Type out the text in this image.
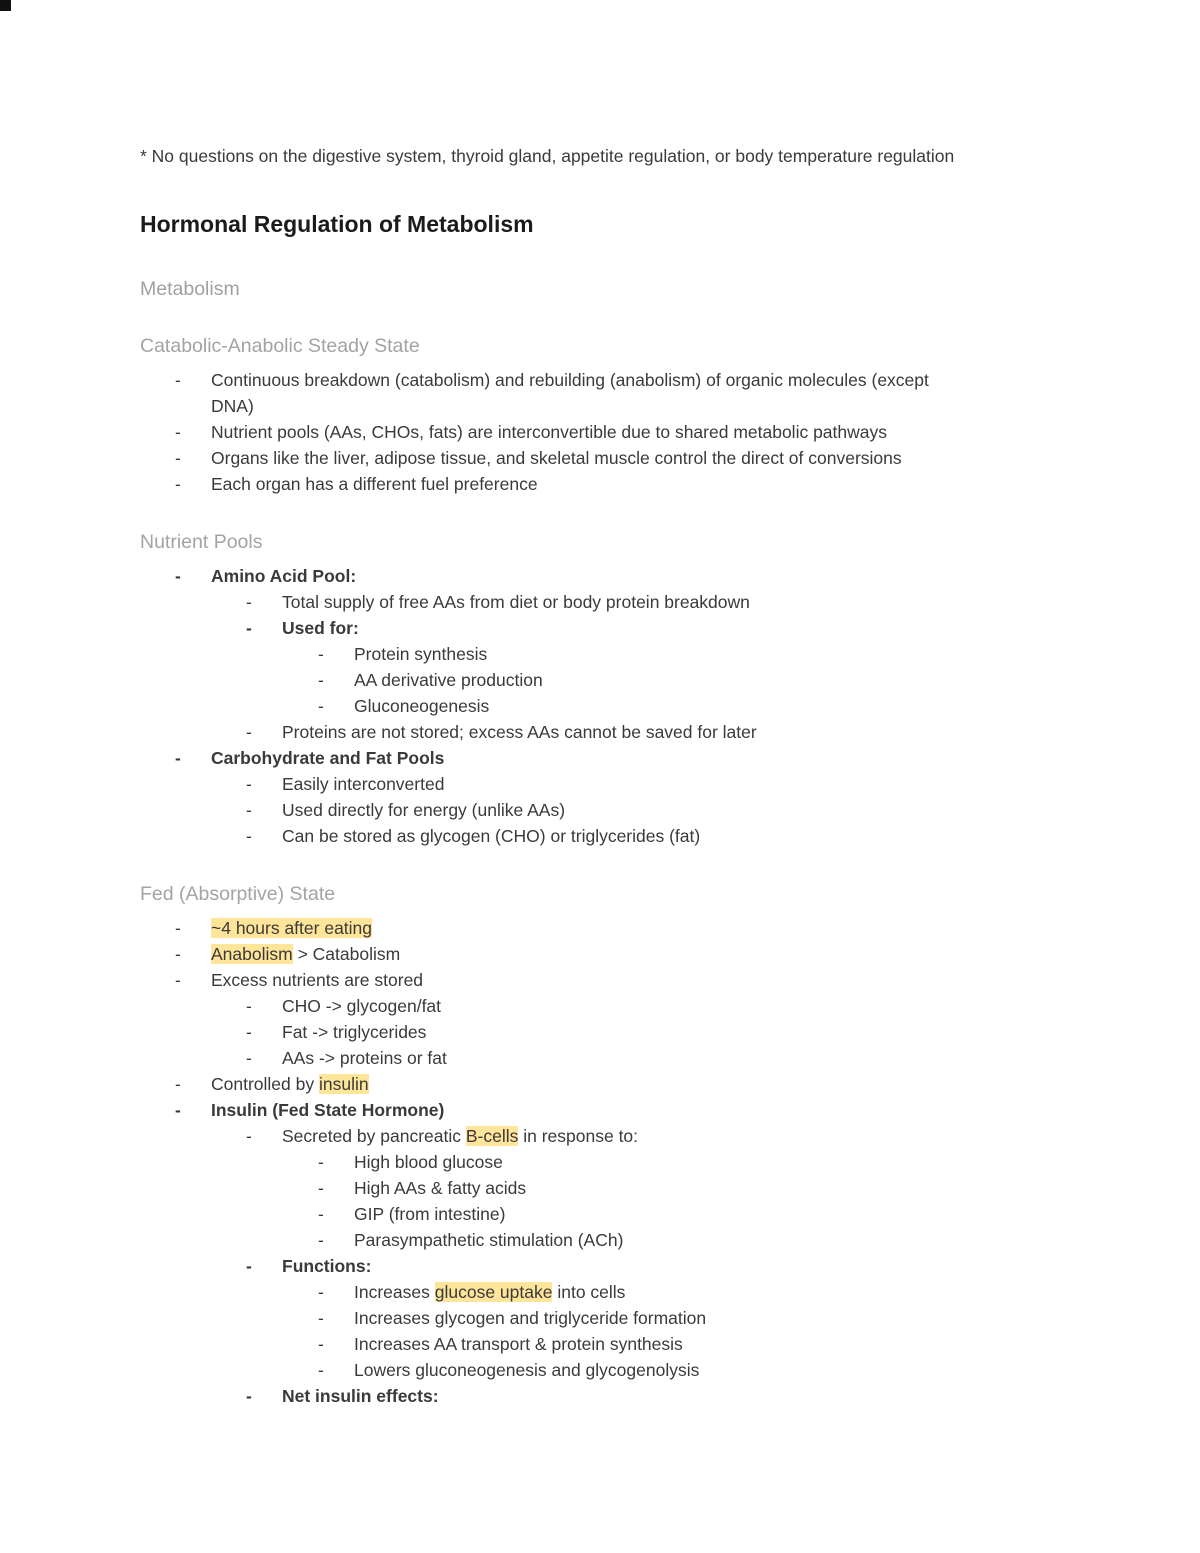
* No questions on the digestive system, thyroid gland, appetite regulation, or body temperature regulation

Hormonal Regulation of Metabolism
Metabolism
Catabolic-Anabolic Steady State
-	Continuous breakdown (catabolism) and rebuilding (anabolism) of organic molecules (except
DNA)
-	Nutrient pools (AAs, CHOs, fats) are interconvertible due to shared metabolic pathways
-	Organs like the liver, adipose tissue, and skeletal muscle control the direct of conversions
-	Each organ has a different fuel preference
Nutrient Pools
-	Amino Acid Pool:
-	Total supply of free AAs from diet or body protein breakdown
-	Used for:
-	Protein synthesis
-	AA derivative production
-	Gluconeogenesis
-	Proteins are not stored; excess AAs cannot be saved for later
-	Carbohydrate and Fat Pools
-	Easily interconverted
-	Used directly for energy (unlike AAs)
-	Can be stored as glycogen (CHO) or triglycerides (fat)
Fed (Absorptive) State
-	~4 hours after eating
-	Anabolism > Catabolism
-	Excess nutrients are stored
-	CHO -> glycogen/fat
-	Fat -> triglycerides
-	AAs -> proteins or fat
-	Controlled by insulin
-	Insulin (Fed State Hormone)
-	Secreted by pancreatic B-cells in response to:
-	High blood glucose
-	High AAs & fatty acids
-	GIP (from intestine)
-	Parasympathetic stimulation (ACh)
-	Functions:
-	Increases glucose uptake into cells
-	Increases glycogen and triglyceride formation
-	Increases AA transport & protein synthesis
-	Lowers gluconeogenesis and glycogenolysis
-	Net insulin effects:
